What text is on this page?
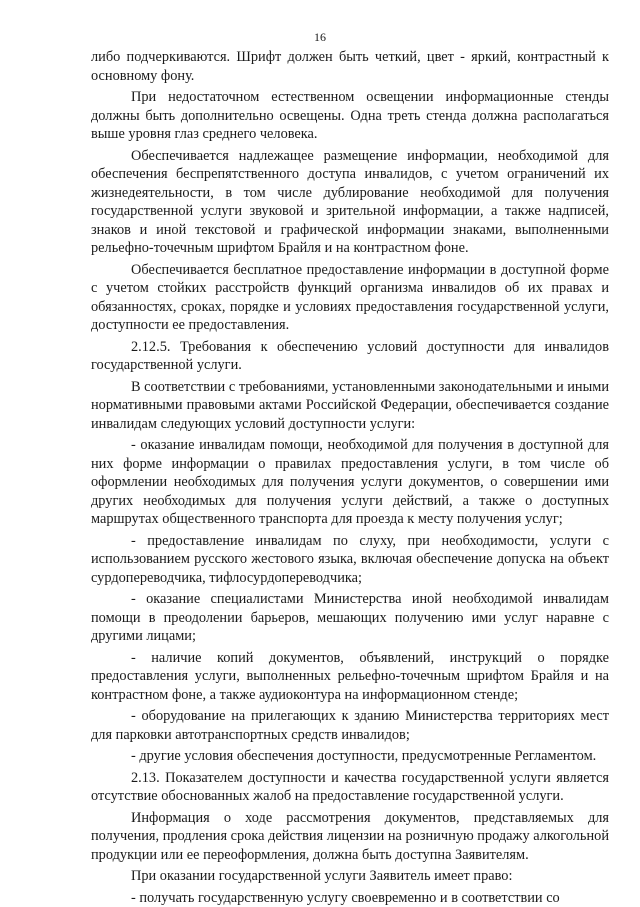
16

либо подчеркиваются. Шрифт должен быть четкий, цвет - яркий, контрастный к основному фону.

При недостаточном естественном освещении информационные стенды должны быть дополнительно освещены. Одна треть стенда должна располагаться выше уровня глаз среднего человека.

Обеспечивается надлежащее размещение информации, необходимой для обеспечения беспрепятственного доступа инвалидов, с учетом ограничений их жизнедеятельности, в том числе дублирование необходимой для получения государственной услуги звуковой и зрительной информации, а также надписей, знаков и иной текстовой и графической информации знаками, выполненными рельефно-точечным шрифтом Брайля и на контрастном фоне.

Обеспечивается бесплатное предоставление информации в доступной форме с учетом стойких расстройств функций организма инвалидов об их правах и обязанностях, сроках, порядке и условиях предоставления государственной услуги, доступности ее предоставления.

2.12.5. Требования к обеспечению условий доступности для инвалидов государственной услуги.

В соответствии с требованиями, установленными законодательными и иными нормативными правовыми актами Российской Федерации, обеспечивается создание инвалидам следующих условий доступности услуги:

- оказание инвалидам помощи, необходимой для получения в доступной для них форме информации о правилах предоставления услуги, в том числе об оформлении необходимых для получения услуги документов, о совершении ими других необходимых для получения услуги действий, а также о доступных маршрутах общественного транспорта для проезда к месту получения услуг;

- предоставление инвалидам по слуху, при необходимости, услуги с использованием русского жестового языка, включая обеспечение допуска на объект сурдопереводчика, тифлосурдопереводчика;

- оказание специалистами Министерства иной необходимой инвалидам помощи в преодолении барьеров, мешающих получению ими услуг наравне с другими лицами;

- наличие копий документов, объявлений, инструкций о порядке предоставления услуги, выполненных рельефно-точечным шрифтом Брайля и на контрастном фоне, а также аудиоконтура на информационном стенде;

- оборудование на прилегающих к зданию Министерства территориях мест для парковки автотранспортных средств инвалидов;

- другие условия обеспечения доступности, предусмотренные Регламентом.

2.13. Показателем доступности и качества государственной услуги является отсутствие обоснованных жалоб на предоставление государственной услуги.

Информация о ходе рассмотрения документов, представляемых для получения, продления срока действия лицензии на розничную продажу алкогольной продукции или ее переоформления, должна быть доступна Заявителям.

При оказании государственной услуги Заявитель имеет право:

- получать государственную услугу своевременно и в соответствии со
